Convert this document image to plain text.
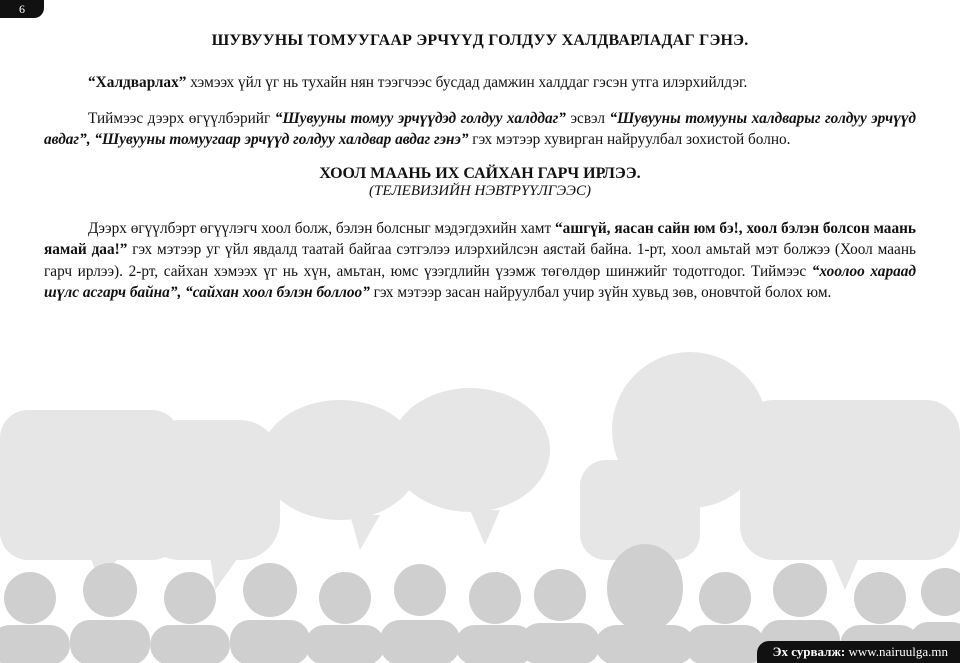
6
ШУВУУНЫ ТОМУУГААР ЭРЧҮҮД ГОЛДУУ ХАЛДВАРЛАДАГ ГЭНЭ.

“Халдварлах” хэмээх үйл үг нь тухайн нян тээгчээс бусдад дамжин халддаг гэсэн утга илэрхийлдэг.

Тиймээс дээрх өгүүлбэрийг “Шувууны томуу эрчүүдэд голдуу халддаг” эсвэл “Шувууны томууны халдварыг голдуу эрчүүд авдаг”, “Шувууны томуугаар эрчүүд голдуу халдвар авдаг гэнэ” гэх мэтээр хувирган найруулбал зохистой болно.

ХООЛ МААНЬ ИХ САЙХАН ГАРЧ ИРЛЭЭ.
(ТЕЛЕВИЗИЙН НЭВТРҮҮЛГЭЭС)

Дээрх өгүүлбэрт өгүүлэгч хоол болж, бэлэн болсныг мэдэгдэхийн хамт “ашгүй, яасан сайн юм бэ!, хоол бэлэн болсон маань яамай даа!” гэх мэтээр уг үйл явдалд таатай байгаа сэтгэлээ илэрхийлсэн аястай байна. 1-рт, хоол амьтай мэт болжээ (Хоол маань гарч ирлээ). 2-рт, сайхан хэмээх үг нь хүн, амьтан, юмс үзэгдлийн үзэмж төгөлдөр шинжийг тодотгодог. Тиймээс “хоолоо хараад шүлс асгарч байна”, “сайхан хоол бэлэн боллоо” гэх мэтээр засан найруулбал учир зүйн хувьд зөв, оновчтой болох юм.

Эх сурвалж: www.nairuulga.mn
